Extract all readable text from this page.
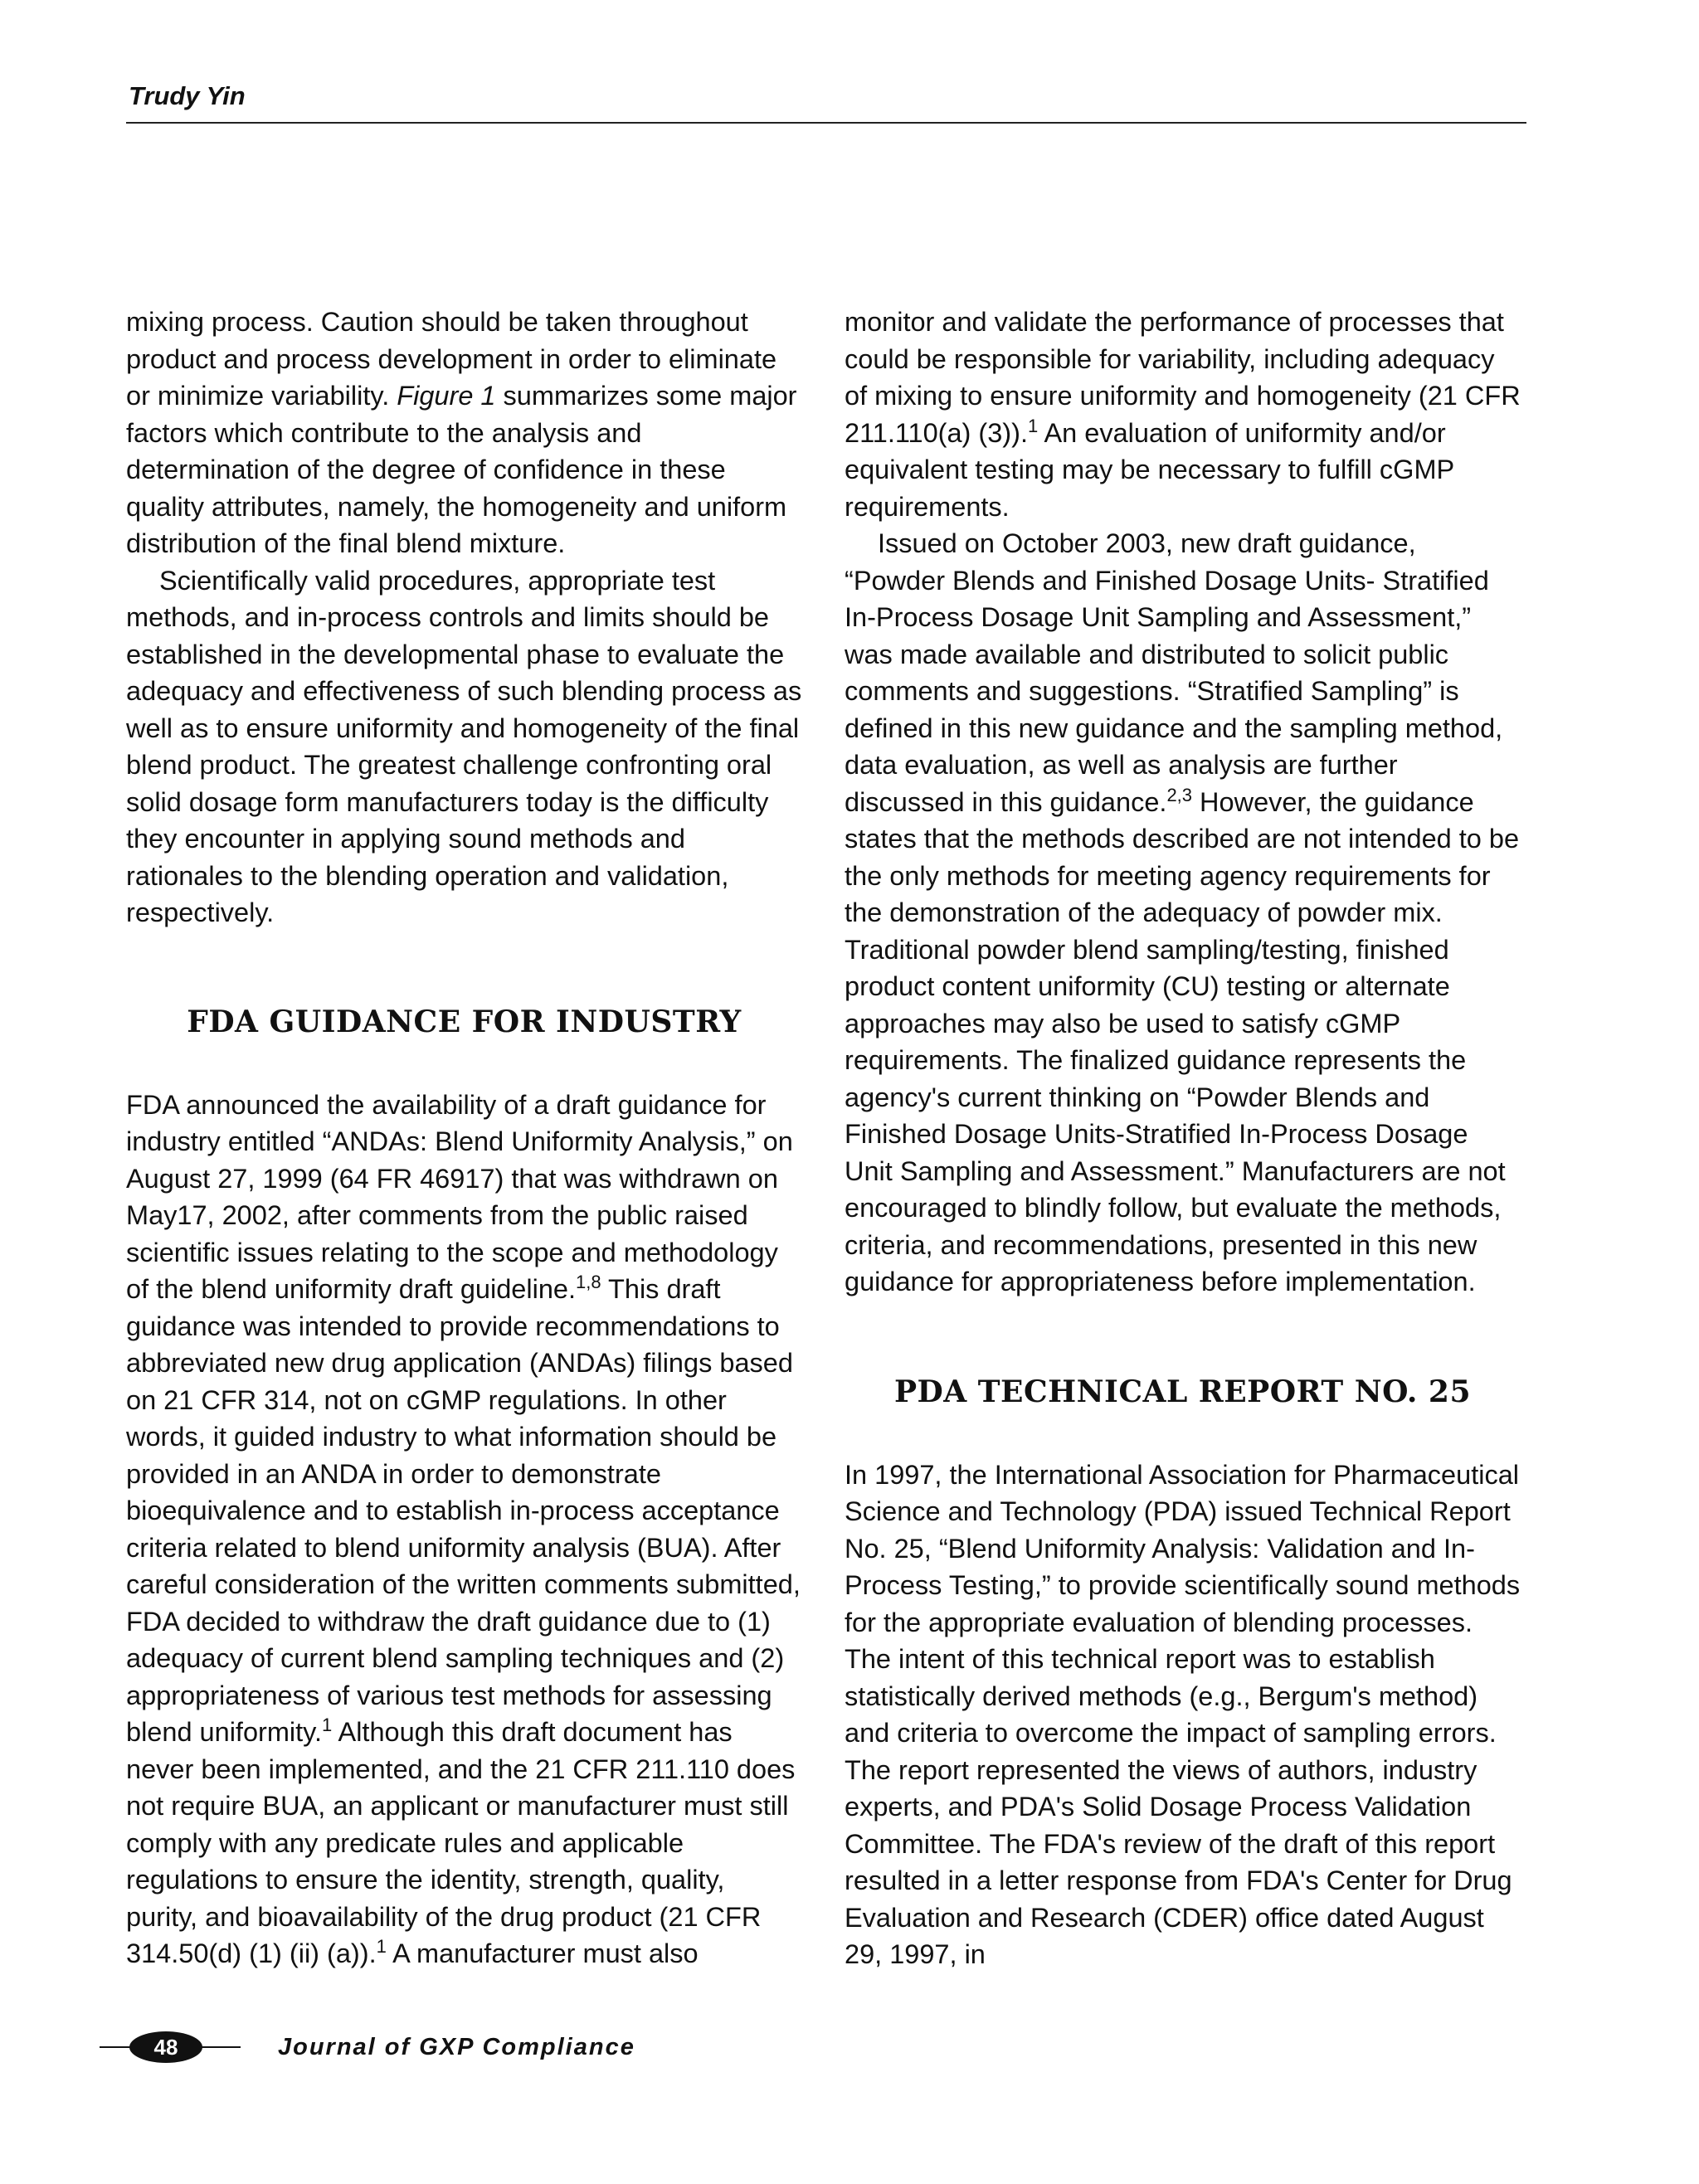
Trudy Yin

mixing process. Caution should be taken throughout product and process development in order to eliminate or minimize variability. Figure 1 summarizes some major factors which contribute to the analysis and determination of the degree of confidence in these quality attributes, namely, the homogeneity and uniform distribution of the final blend mixture.

Scientifically valid procedures, appropriate test methods, and in-process controls and limits should be established in the developmental phase to evaluate the adequacy and effectiveness of such blending process as well as to ensure uniformity and homogeneity of the final blend product. The greatest challenge confronting oral solid dosage form manufacturers today is the difficulty they encounter in applying sound methods and rationales to the blending operation and validation, respectively.

FDA GUIDANCE FOR INDUSTRY

FDA announced the availability of a draft guidance for industry entitled “ANDAs: Blend Uniformity Analysis,” on August 27, 1999 (64 FR 46917) that was withdrawn on May17, 2002, after comments from the public raised scientific issues relating to the scope and methodology of the blend uniformity draft guideline.$^{1,8}$ This draft guidance was intended to provide recommendations to abbreviated new drug application (ANDAs) filings based on 21 CFR 314, not on cGMP regulations. In other words, it guided industry to what information should be provided in an ANDA in order to demonstrate bioequivalence and to establish in-process acceptance criteria related to blend uniformity analysis (BUA). After careful consideration of the written comments submitted, FDA decided to withdraw the draft guidance due to (1) adequacy of current blend sampling techniques and (2) appropriateness of various test methods for assessing blend uniformity.$^1$ Although this draft document has never been implemented, and the 21 CFR 211.110 does not require BUA, an applicant or manufacturer must still comply with any predicate rules and applicable regulations to ensure the identity, strength, quality, purity, and bioavailability of the drug product (21 CFR 314.50(d) (1) (ii) (a)).$^1$ A manufacturer must also

monitor and validate the performance of processes that could be responsible for variability, including adequacy of mixing to ensure uniformity and homogeneity (21 CFR 211.110(a) (3)).$^1$ An evaluation of uniformity and/or equivalent testing may be necessary to fulfill cGMP requirements.

Issued on October 2003, new draft guidance, “Powder Blends and Finished Dosage Units- Stratified In-Process Dosage Unit Sampling and Assessment,” was made available and distributed to solicit public comments and suggestions. “Stratified Sampling” is defined in this new guidance and the sampling method, data evaluation, as well as analysis are further discussed in this guidance.$^{2,3}$ However, the guidance states that the methods described are not intended to be the only methods for meeting agency requirements for the demonstration of the adequacy of powder mix. Traditional powder blend sampling/testing, finished product content uniformity (CU) testing or alternate approaches may also be used to satisfy cGMP requirements. The finalized guidance represents the agency's current thinking on “Powder Blends and Finished Dosage Units-Stratified In-Process Dosage Unit Sampling and Assessment.” Manufacturers are not encouraged to blindly follow, but evaluate the methods, criteria, and recommendations, presented in this new guidance for appropriateness before implementation.

PDA TECHNICAL REPORT NO. 25

In 1997, the International Association for Pharmaceutical Science and Technology (PDA) issued Technical Report No. 25, “Blend Uniformity Analysis: Validation and In-Process Testing,” to provide scientifically sound methods for the appropriate evaluation of blending processes. The intent of this technical report was to establish statistically derived methods (e.g., Bergum's method) and criteria to overcome the impact of sampling errors. The report represented the views of authors, industry experts, and PDA's Solid Dosage Process Validation Committee. The FDA's review of the draft of this report resulted in a letter response from FDA's Center for Drug Evaluation and Research (CDER) office dated August 29, 1997, in

48	Journal of GXP Compliance
